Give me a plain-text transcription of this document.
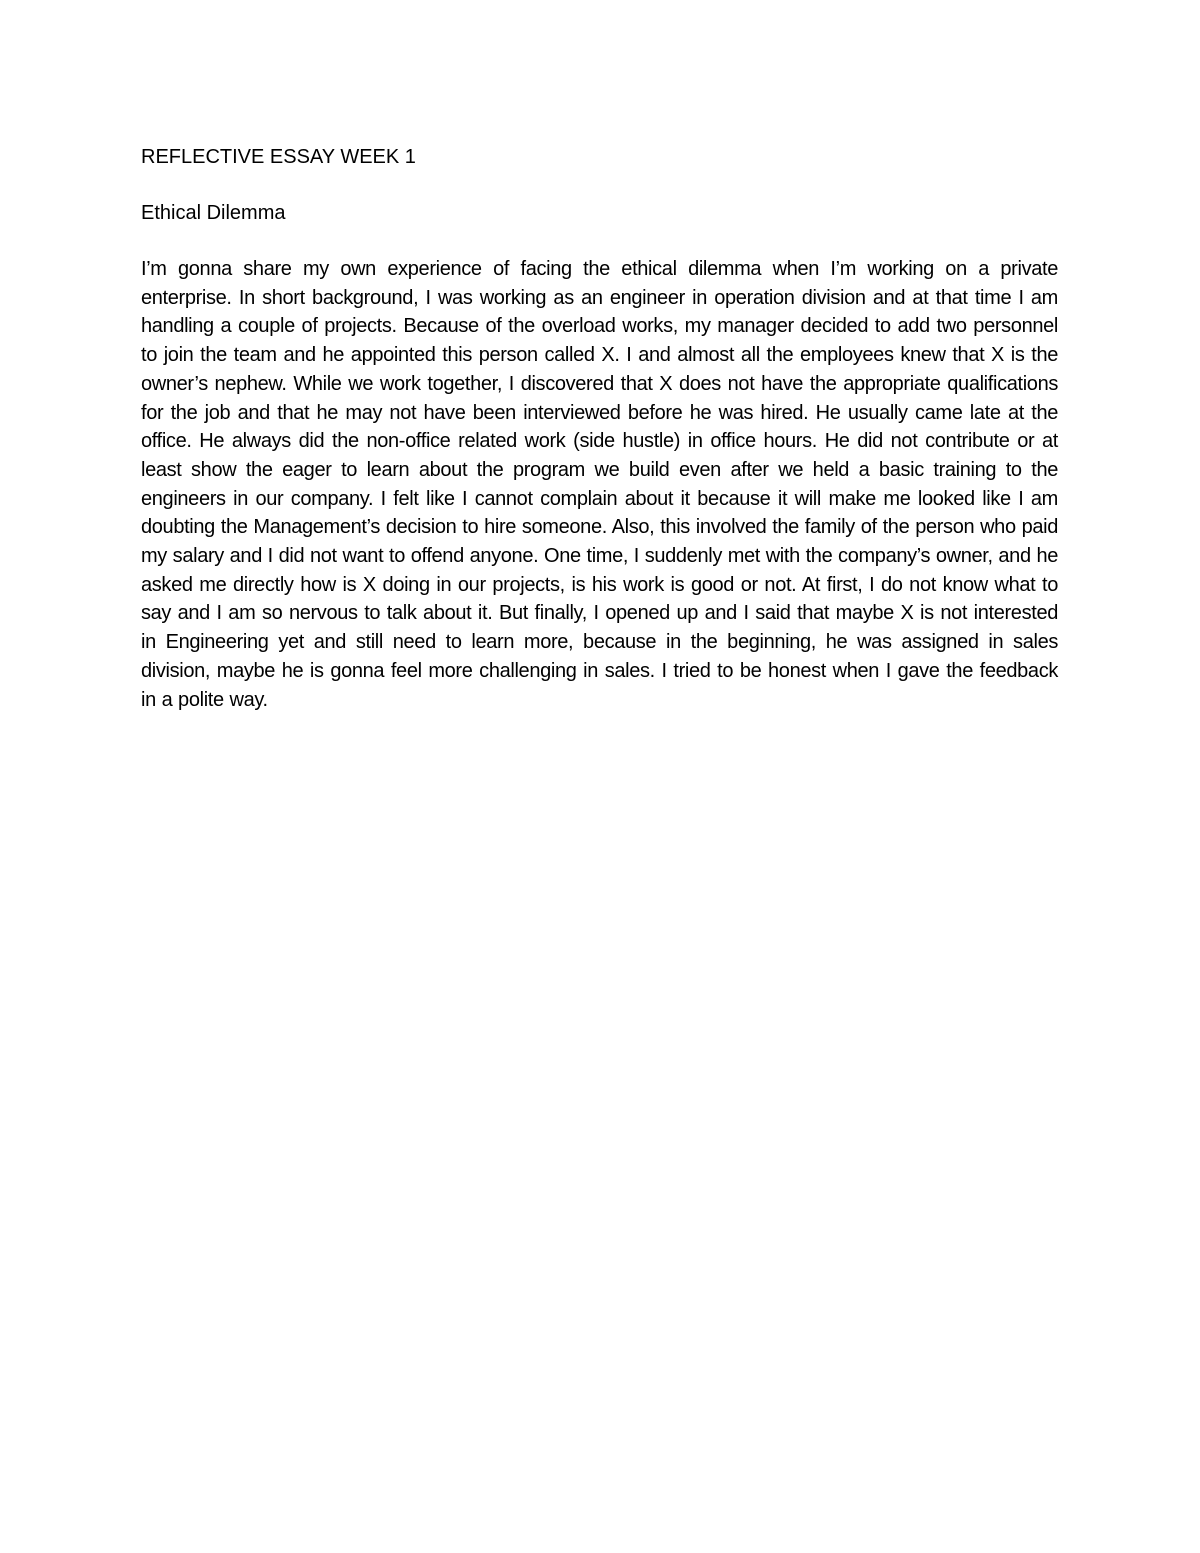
REFLECTIVE ESSAY WEEK 1
Ethical Dilemma

I’m gonna share my own experience of facing the ethical dilemma when I’m working on a private enterprise. In short background, I was working as an engineer in operation division and at that time I am handling a couple of projects. Because of the overload works, my manager decided to add two personnel to join the team and he appointed this person called X. I and almost all the employees knew that X is the owner’s nephew. While we work together, I discovered that X does not have the appropriate qualifications for the job and that he may not have been interviewed before he was hired. He usually came late at the office. He always did the non-office related work (side hustle) in office hours. He did not contribute or at least show the eager to learn about the program we build even after we held a basic training to the engineers in our company. I felt like I cannot complain about it because it will make me looked like I am doubting the Management’s decision to hire someone. Also, this involved the family of the person who paid my salary and I did not want to offend anyone. One time, I suddenly met with the company’s owner, and he asked me directly how is X doing in our projects, is his work is good or not. At first, I do not know what to say and I am so nervous to talk about it. But finally, I opened up and I said that maybe X is not interested in Engineering yet and still need to learn more, because in the beginning, he was assigned in sales division, maybe he is gonna feel more challenging in sales. I tried to be honest when I gave the feedback in a polite way.
